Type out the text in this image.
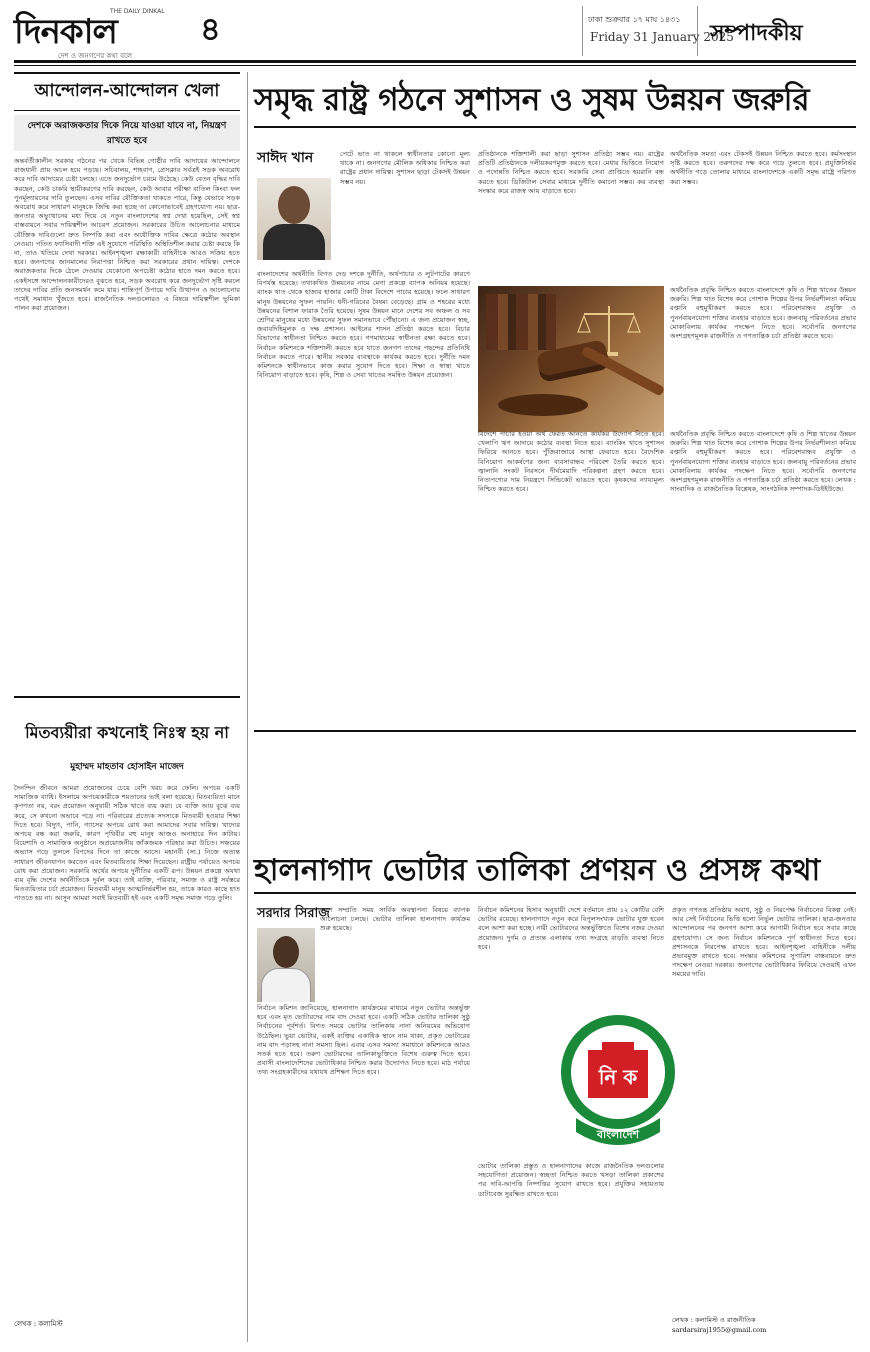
দিনকাল
THE DAILY DINKAL
দেশ ও জনগণের কথা বলে
৪	ঢাকা শুক্রবার ১৭ মাঘ ১৪৩১
Friday 31 January 2025
সম্পাদকীয়
আন্দোলন-আন্দোলন খেলা
দেশকে অরাজকতার দিকে নিয়ে যাওয়া যাবে না, নিয়ন্ত্রণ রাখতে হবে
অন্তর্বর্তীকালীন সরকার গঠনের পর থেকে বিভিন্ন গোষ্ঠীর দাবি আদায়ের আন্দোলনে রাজধানী প্রায় অচল হয়ে পড়ছে। সচিবালয়, শাহবাগ, প্রেসক্লাব সর্বত্রই সড়ক অবরোধ করে দাবি আদায়ের চেষ্টা চলছে। এতে জনদুর্ভোগ চরমে উঠেছে। কেউ বেতন বৃদ্ধির দাবি করছেন, কেউ চাকরি স্থায়ীকরণের দাবি করছেন, কেউ আবার পরীক্ষা বাতিল কিংবা ফল পুনর্মূল্যায়নের দাবি তুলছেন। এসব দাবির যৌক্তিকতা থাকতে পারে, কিন্তু যেভাবে সড়ক অবরোধ করে সাধারণ মানুষকে জিম্মি করা হচ্ছে তা কোনোভাবেই গ্রহণযোগ্য নয়। ছাত্র-জনতার অভ্যুত্থানের মধ্য দিয়ে যে নতুন বাংলাদেশের স্বপ্ন দেখা হয়েছিল, সেই স্বপ্ন বাস্তবায়নে সবার দায়িত্বশীল আচরণ প্রয়োজন। সরকারের উচিত আলোচনার মাধ্যমে যৌক্তিক দাবিগুলো দ্রুত নিষ্পত্তি করা এবং অযৌক্তিক দাবির ক্ষেত্রে কঠোর অবস্থান নেওয়া। পতিত ফ্যাসিবাদী শক্তি এই সুযোগে পরিস্থিতি অস্থিতিশীল করার চেষ্টা করছে কি না, তাও খতিয়ে দেখা দরকার। আইনশৃঙ্খলা রক্ষাকারী বাহিনীকে আরও সক্রিয় হতে হবে। জনগণের জানমালের নিরাপত্তা নিশ্চিত করা সরকারের প্রধান দায়িত্ব। দেশকে অরাজকতার দিকে ঠেলে দেওয়ার যেকোনো অপচেষ্টা কঠোর হাতে দমন করতে হবে। একইসঙ্গে আন্দোলনকারীদেরও বুঝতে হবে, সড়ক অবরোধ করে জনদুর্ভোগ সৃষ্টি করলে তাদের দাবির প্রতি জনসমর্থন কমে যায়। শান্তিপূর্ণ উপায়ে দাবি উত্থাপন ও আলোচনার পথেই সমাধান খুঁজতে হবে। রাজনৈতিক দলগুলোরও এ বিষয়ে দায়িত্বশীল ভূমিকা পালন করা প্রয়োজন।
মিতব্যয়ীরা কখনোই নিঃস্ব হয় না
মুহাম্মদ মাহতাব হোসাইন মাজেদ
দৈনন্দিন জীবনে আমরা প্রয়োজনের চেয়ে বেশি খরচ করে ফেলি। অপচয় একটি সামাজিক ব্যাধি। ইসলামে অপচয়কারীকে শয়তানের ভাই বলা হয়েছে। মিতব্যয়িতা মানে কৃপণতা নয়, বরং প্রয়োজন অনুযায়ী সঠিক খাতে ব্যয় করা। যে ব্যক্তি আয় বুঝে ব্যয় করে, সে কখনো অভাবে পড়ে না। পরিবারের প্রত্যেক সদস্যকে মিতব্যয়ী হওয়ার শিক্ষা দিতে হবে। বিদ্যুৎ, পানি, গ্যাসের অপচয় রোধ করা আমাদের সবার দায়িত্ব। খাদ্যের অপচয় বন্ধ করা জরুরি, কারণ পৃথিবীর বহু মানুষ আজও অনাহারে দিন কাটায়। বিয়েশাদি ও সামাজিক অনুষ্ঠানে অপ্রয়োজনীয় জাঁকজমক পরিহার করা উচিত। সঞ্চয়ের অভ্যাস গড়ে তুললে বিপদের দিনে তা কাজে আসে। মহানবী (সা.) নিজে অত্যন্ত সাধারণ জীবনযাপন করতেন এবং মিতব্যয়িতার শিক্ষা দিয়েছেন। রাষ্ট্রীয় পর্যায়েও অপচয় রোধ করা প্রয়োজন। সরকারি অর্থের অপচয় দুর্নীতির একটি রূপ। উন্নয়ন প্রকল্পে অযথা ব্যয় বৃদ্ধি দেশের অর্থনীতিকে দুর্বল করে। তাই ব্যক্তি, পরিবার, সমাজ ও রাষ্ট্র সর্বস্তরে মিতব্যয়িতার চর্চা প্রয়োজন। মিতব্যয়ী মানুষ আত্মনির্ভরশীল হয়, তাকে কারও কাছে হাত পাততে হয় না। আসুন আমরা সবাই মিতব্যয়ী হই এবং একটি সমৃদ্ধ সমাজ গড়ে তুলি।
লেখক : কলামিস্ট
সমৃদ্ধ রাষ্ট্র গঠনে সুশাসন ও সুষম উন্নয়ন জরুরি
সাঈদ খান	পেটে ভাত না থাকলে স্বাধীনতার কোনো মূল্য থাকে না। জনগণের মৌলিক অধিকার নিশ্চিত করা রাষ্ট্রের প্রধান দায়িত্ব। সুশাসন ছাড়া টেকসই উন্নয়ন সম্ভব নয়।
বাংলাদেশের অর্থনীতি বিগত দেড় দশকে দুর্নীতি, অর্থপাচার ও লুটপাটের কারণে বিপর্যস্ত হয়েছে। তথাকথিত উন্নয়নের নামে মেগা প্রকল্পে ব্যাপক অনিয়ম হয়েছে। ব্যাংক খাত থেকে হাজার হাজার কোটি টাকা বিদেশে পাচার হয়েছে। ফলে সাধারণ মানুষ উন্নয়নের সুফল পায়নি। ধনী-গরিবের বৈষম্য বেড়েছে। গ্রাম ও শহরের মধ্যে উন্নয়নের বিশাল ফারাক তৈরি হয়েছে। সুষম উন্নয়ন মানে দেশের সব অঞ্চল ও সব শ্রেণির মানুষের মধ্যে উন্নয়নের সুফল সমানভাবে পৌঁছানো। এ জন্য প্রয়োজন স্বচ্ছ, জবাবদিহিমূলক ও দক্ষ প্রশাসন। আইনের শাসন প্রতিষ্ঠা করতে হবে। বিচার বিভাগের স্বাধীনতা নিশ্চিত করতে হবে। গণমাধ্যমের স্বাধীনতা রক্ষা করতে হবে। নির্বাচন কমিশনকে শক্তিশালী করতে হবে যাতে জনগণ তাদের পছন্দের প্রতিনিধি নির্বাচন করতে পারে। স্থানীয় সরকার ব্যবস্থাকে কার্যকর করতে হবে। দুর্নীতি দমন কমিশনকে স্বাধীনভাবে কাজ করার সুযোগ দিতে হবে। শিক্ষা ও স্বাস্থ্য খাতে বিনিয়োগ বাড়াতে হবে। কৃষি, শিল্প ও সেবা খাতের সমন্বিত উন্নয়ন প্রয়োজন।
প্রতিষ্ঠানকে শক্তিশালী করা ছাড়া সুশাসন প্রতিষ্ঠা সম্ভব নয়। রাষ্ট্রের প্রতিটি প্রতিষ্ঠানকে দলীয়করণমুক্ত করতে হবে। মেধার ভিত্তিতে নিয়োগ ও পদোন্নতি নিশ্চিত করতে হবে। সরকারি সেবা প্রাপ্তিতে হয়রানি বন্ধ করতে হবে। ডিজিটাল সেবার মাধ্যমে দুর্নীতি কমানো সম্ভব। কর ব্যবস্থা সংস্কার করে রাজস্ব আয় বাড়াতে হবে।
অর্থনৈতিক সমতা এবং টেকসই উন্নয়ন নিশ্চিত করতে হবে। কর্মসংস্থান সৃষ্টি করতে হবে। তরুণদের দক্ষ করে গড়ে তুলতে হবে। প্রযুক্তিনির্ভর অর্থনীতি গড়ে তোলার মাধ্যমে বাংলাদেশকে একটি সমৃদ্ধ রাষ্ট্রে পরিণত করা সম্ভব।
অর্থনৈতিক প্রবৃদ্ধি নিশ্চিত করতে বাংলাদেশে কৃষি ও শিল্প খাতের উন্নয়ন জরুরি। শিল্প খাত বিশেষ করে পোশাক শিল্পের উপর নির্ভরশীলতা কমিয়ে রপ্তানি বহুমুখীকরণ করতে হবে। পরিবেশবান্ধব প্রযুক্তি ও পুনর্নবায়নযোগ্য শক্তির ব্যবহার বাড়াতে হবে। জলবায়ু পরিবর্তনের প্রভাব মোকাবিলায় কার্যকর পদক্ষেপ নিতে হবে। সর্বোপরি জনগণের অংশগ্রহণমূলক রাজনীতি ও গণতান্ত্রিক চর্চা প্রতিষ্ঠা করতে হবে।
বিদেশে পাচার হওয়া অর্থ ফেরত আনতে কার্যকর উদ্যোগ নিতে হবে। খেলাপি ঋণ আদায়ে কঠোর ব্যবস্থা নিতে হবে। ব্যাংকিং খাতে সুশাসন ফিরিয়ে আনতে হবে। পুঁজিবাজারে আস্থা ফেরাতে হবে। বৈদেশিক বিনিয়োগ আকর্ষণের জন্য ব্যবসাবান্ধব পরিবেশ তৈরি করতে হবে। জ্বালানি সংকট নিরসনে দীর্ঘমেয়াদি পরিকল্পনা গ্রহণ করতে হবে। নিত্যপণ্যের দাম নিয়ন্ত্রণে সিন্ডিকেট ভাঙতে হবে। কৃষকদের ন্যায্যমূল্য নিশ্চিত করতে হবে।
অর্থনৈতিক প্রবৃদ্ধি নিশ্চিত করতে বাংলাদেশে কৃষি ও শিল্প খাতের উন্নয়ন জরুরি। শিল্প খাত বিশেষ করে পোশাক শিল্পের উপর নির্ভরশীলতা কমিয়ে রপ্তানি বহুমুখীকরণ করতে হবে। পরিবেশবান্ধব প্রযুক্তি ও পুনর্নবায়নযোগ্য শক্তির ব্যবহার বাড়াতে হবে। জলবায়ু পরিবর্তনের প্রভাব মোকাবিলায় কার্যকর পদক্ষেপ নিতে হবে। সর্বোপরি জনগণের অংশগ্রহণমূলক রাজনীতি ও গণতান্ত্রিক চর্চা প্রতিষ্ঠা করতে হবে। লেখক : সাংবাদিক ও রাজনৈতিক বিশ্লেষক, সাংগঠনিক সম্পাদক-ডিইইউজে।
হালনাগাদ ভোটার তালিকা প্রণয়ন ও প্রসঙ্গ কথা
সরদার সিরাজ
দেশে সম্প্রতি সময় সার্বিক অবস্থাপনা বিষয়ে ব্যাপক আলোচনা চলছে। ভোটার তালিকা হালনাগাদ কার্যক্রম শুরু হয়েছে।
নির্বাচন কমিশন জানিয়েছে, হালনাগাদ কার্যক্রমের মাধ্যমে নতুন ভোটার অন্তর্ভুক্ত হবে এবং মৃত ভোটারদের নাম বাদ দেওয়া হবে। একটি সঠিক ভোটার তালিকা সুষ্ঠু নির্বাচনের পূর্বশর্ত। বিগত সময়ে ভোটার তালিকায় নানা অনিয়মের অভিযোগ উঠেছিল। ভুয়া ভোটার, একই ব্যক্তির একাধিক স্থানে নাম থাকা, প্রকৃত ভোটারের নাম বাদ পড়াসহ নানা সমস্যা ছিল। এবার এসব সমস্যা সমাধানে কমিশনকে আরও সতর্ক হতে হবে। তরুণ ভোটারদের তালিকাভুক্তিতে বিশেষ গুরুত্ব দিতে হবে। প্রবাসী বাংলাদেশিদের ভোটাধিকার নিশ্চিত করার উদ্যোগও নিতে হবে। মাঠ পর্যায়ে তথ্য সংগ্রহকারীদের যথাযথ প্রশিক্ষণ দিতে হবে।
নির্বাচন কমিশনের হিসাব অনুযায়ী দেশে বর্তমানে প্রায় ১২ কোটির বেশি ভোটার রয়েছে। হালনাগাদে নতুন করে বিপুলসংখ্যক ভোটার যুক্ত হবেন বলে আশা করা হচ্ছে। নারী ভোটারদের অন্তর্ভুক্তিতে বিশেষ নজর দেওয়া প্রয়োজন। দুর্গম ও প্রত্যন্ত এলাকায় তথ্য সংগ্রহে বাড়তি ব্যবস্থা নিতে হবে।
ভোটার তালিকা প্রস্তুত ও হালনাগাদের কাজে রাজনৈতিক দলগুলোর সহযোগিতা প্রয়োজন। স্বচ্ছতা নিশ্চিত করতে খসড়া তালিকা প্রকাশের পর দাবি-আপত্তি নিষ্পত্তির সুযোগ রাখতে হবে। প্রযুক্তির সহায়তায় ডাটাবেজ সুরক্ষিত রাখতে হবে।
নি ক
বাংলাদেশ
প্রকৃত গণতন্ত্র প্রতিষ্ঠায় অবাধ, সুষ্ঠু ও নিরপেক্ষ নির্বাচনের বিকল্প নেই। আর সেই নির্বাচনের ভিত্তি হলো নির্ভুল ভোটার তালিকা। ছাত্র-জনতার আন্দোলনের পর জনগণ আশা করে আগামী নির্বাচন হবে সবার কাছে গ্রহণযোগ্য। সে জন্য নির্বাচন কমিশনকে পূর্ণ স্বাধীনতা দিতে হবে। প্রশাসনকে নিরপেক্ষ রাখতে হবে। আইনশৃঙ্খলা বাহিনীকে দলীয় প্রভাবমুক্ত রাখতে হবে। সংস্কার কমিশনের সুপারিশ বাস্তবায়নে দ্রুত পদক্ষেপ নেওয়া দরকার। জনগণের ভোটাধিকার ফিরিয়ে দেওয়াই এখন সময়ের দাবি।
লেখক : কলামিস্ট ও রাজনীতিক
sardarsiraj1955@gmail.com
